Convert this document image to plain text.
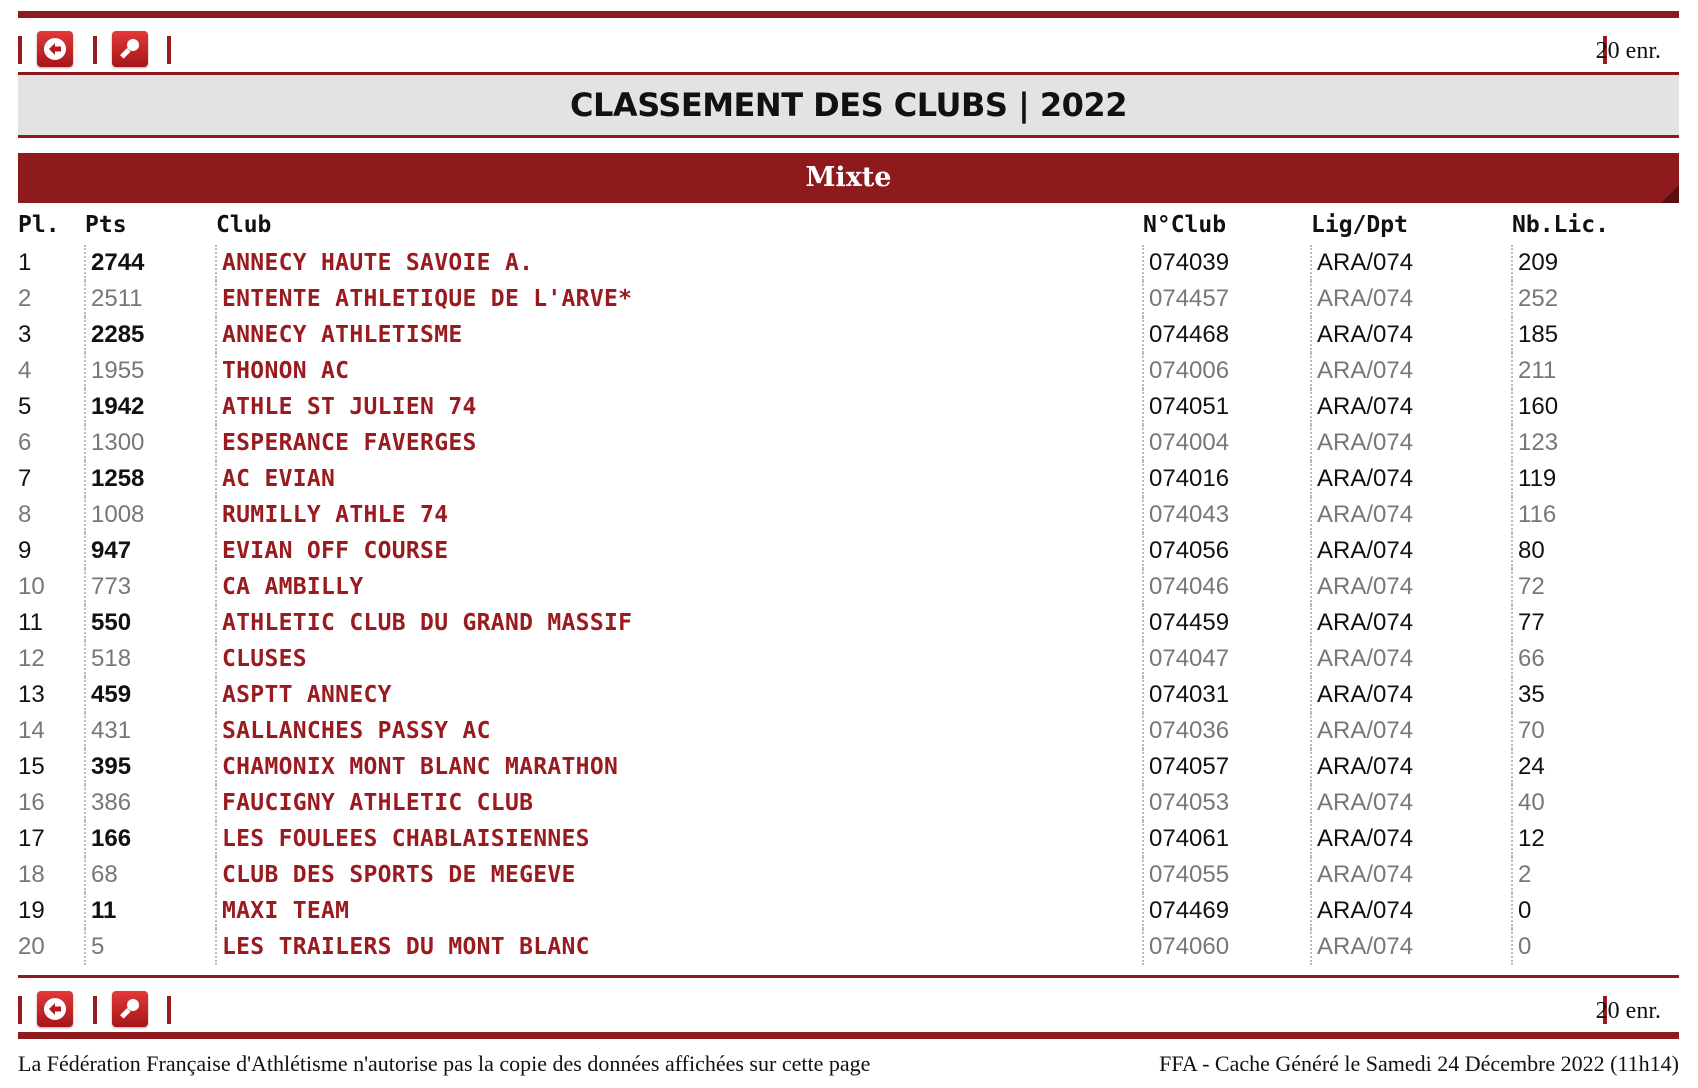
20 enr.
CLASSEMENT DES CLUBS | 2022
Mixte
Pl.	Pts	Club	N°Club	Lig/Dpt	Nb.Lic.
1	2744	ANNECY HAUTE SAVOIE A.	074039	ARA/074	209
2	2511	ENTENTE ATHLETIQUE DE L'ARVE*	074457	ARA/074	252
3	2285	ANNECY ATHLETISME	074468	ARA/074	185
4	1955	THONON AC	074006	ARA/074	211
5	1942	ATHLE ST JULIEN 74	074051	ARA/074	160
6	1300	ESPERANCE FAVERGES	074004	ARA/074	123
7	1258	AC EVIAN	074016	ARA/074	119
8	1008	RUMILLY ATHLE 74	074043	ARA/074	116
9	947	EVIAN OFF COURSE	074056	ARA/074	80
10	773	CA AMBILLY	074046	ARA/074	72
11	550	ATHLETIC CLUB DU GRAND MASSIF	074459	ARA/074	77
12	518	CLUSES	074047	ARA/074	66
13	459	ASPTT ANNECY	074031	ARA/074	35
14	431	SALLANCHES PASSY AC	074036	ARA/074	70
15	395	CHAMONIX MONT BLANC MARATHON	074057	ARA/074	24
16	386	FAUCIGNY ATHLETIC CLUB	074053	ARA/074	40
17	166	LES FOULEES CHABLAISIENNES	074061	ARA/074	12
18	68	CLUB DES SPORTS DE MEGEVE	074055	ARA/074	2
19	11	MAXI TEAM	074469	ARA/074	0
20	5	LES TRAILERS DU MONT BLANC	074060	ARA/074	0
20 enr.
La Fédération Française d'Athlétisme n'autorise pas la copie des données affichées sur cette page	FFA - Cache Généré le Samedi 24 Décembre 2022 (11h14)
